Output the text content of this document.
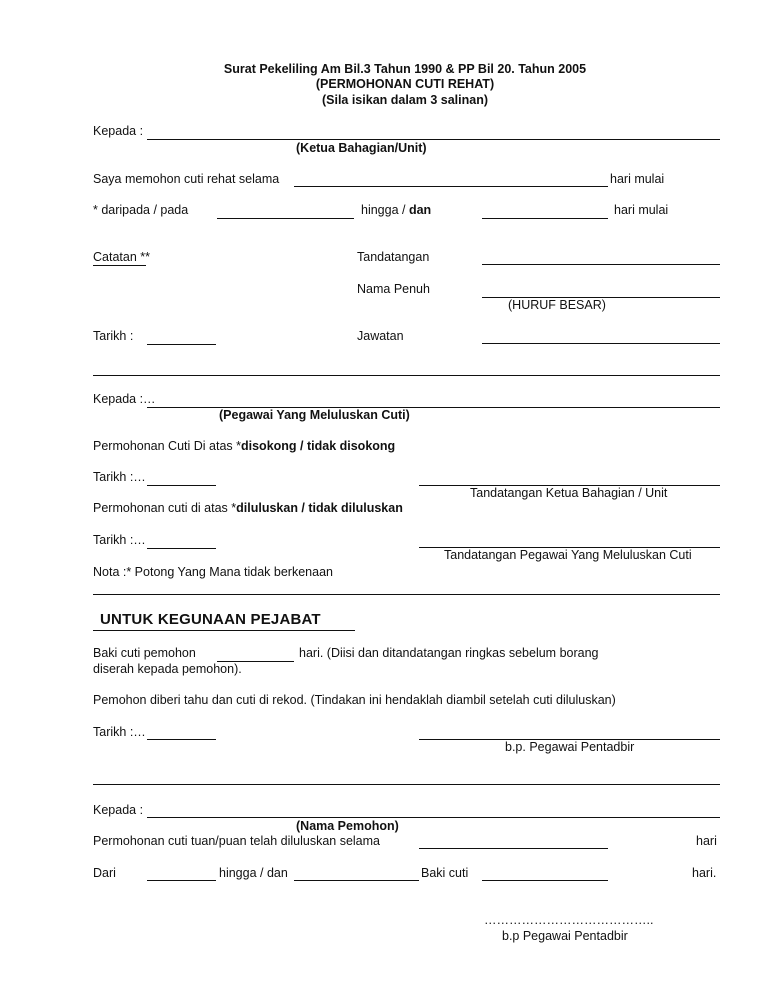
Surat Pekeliling Am Bil.3 Tahun 1990 & PP Bil 20. Tahun 2005
(PERMOHONAN CUTI REHAT)
(Sila isikan dalam 3 salinan)
Kepada :
(Ketua Bahagian/Unit)
Saya memohon cuti rehat selama	hari mulai
* daripada / pada	hingga / dan	hari mulai
Catatan **	Tandatangan
Nama Penuh
(HURUF BESAR)
Tarikh :	Jawatan
Kepada :…
(Pegawai Yang Meluluskan Cuti)
Permohonan Cuti Di atas *disokong / tidak disokong
Tarikh :…
Tandatangan Ketua Bahagian / Unit
Permohonan cuti di atas *diluluskan / tidak diluluskan
Tarikh :…
Tandatangan Pegawai Yang Meluluskan Cuti
Nota :* Potong Yang Mana tidak berkenaan
UNTUK KEGUNAAN PEJABAT
Baki cuti pemohon	hari. (Diisi dan ditandatangan ringkas sebelum borang
diserah kepada pemohon).
Pemohon diberi tahu dan cuti di rekod. (Tindakan ini hendaklah diambil setelah cuti diluluskan)
Tarikh :…
b.p. Pegawai Pentadbir
Kepada :
(Nama Pemohon)
Permohonan cuti tuan/puan telah diluluskan selama	hari
Dari	hingga / dan	Baki cuti	hari.
…………………………………..
b.p Pegawai Pentadbir
